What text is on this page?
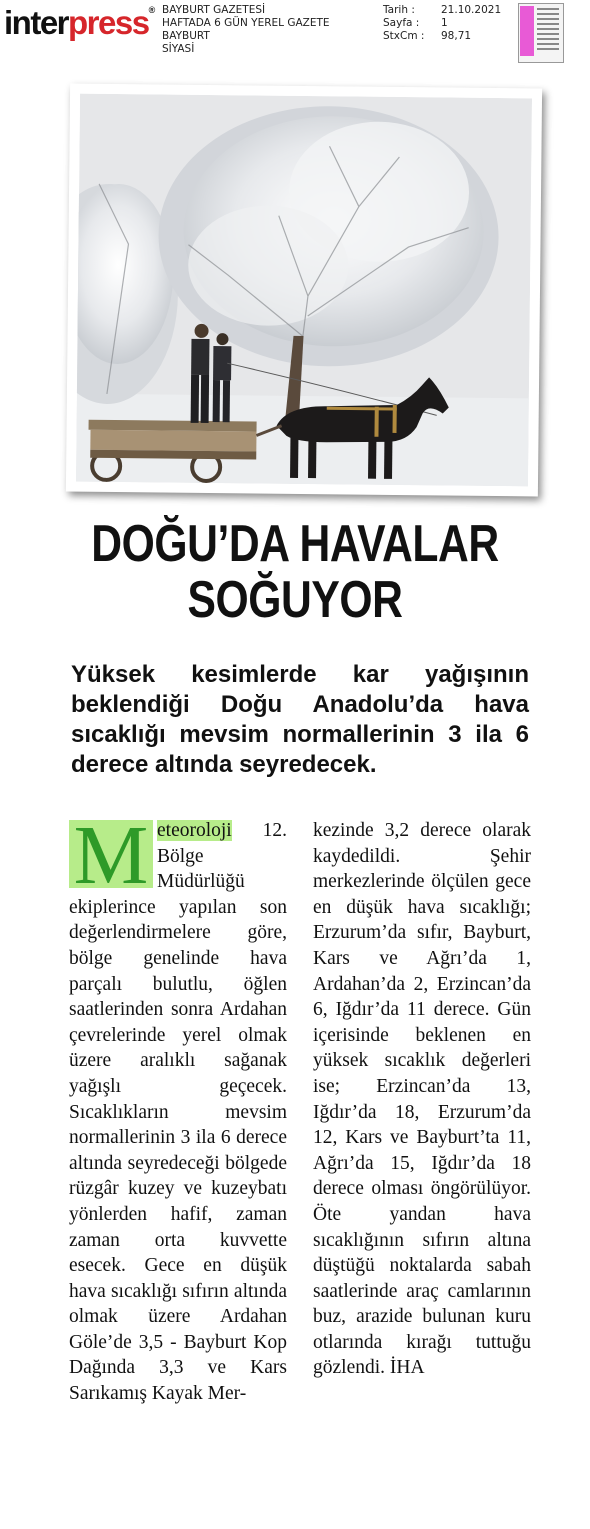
interpress® BAYBURT GAZETESİ
HAFTADA 6 GÜN YEREL GAZETE
BAYBURT
SİYASİ
Tarih :	21.10.2021
Sayfa :	1
StxCm :	98,71
DOĞU’DA HAVALAR
SOĞUYOR
Yüksek kesimlerde kar yağışının beklendiği Doğu Anadolu’da hava sıcaklığı mevsim normallerinin 3 ila 6 derece altında seyredecek.
M eteoroloji 12. Bölge Müdürlüğü ekiplerince yapılan son değerlendirmelere göre, bölge genelinde hava parçalı bulutlu, öğlen saatlerinden sonra Ardahan çevrelerinde yerel olmak üzere aralıklı sağanak yağışlı geçecek. Sıcaklıkların mevsim normallerinin 3 ila 6 derece altında seyredeceği bölgede rüzgâr kuzey ve kuzeybatı yönlerden hafif, zaman zaman orta kuvvette esecek. Gece en düşük hava sıcaklığı sıfırın altında olmak üzere Ardahan Göle’de 3,5 - Bayburt Kop Dağında 3,3 ve Kars Sarıkamış Kayak Mer-
kezinde 3,2 derece olarak kaydedildi. Şehir merkezlerinde ölçülen gece en düşük hava sıcaklığı; Erzurum’da sıfır, Bayburt, Kars ve Ağrı’da 1, Ardahan’da 2, Erzincan’da 6, Iğdır’da 11 derece. Gün içerisinde beklenen en yüksek sıcaklık değerleri ise; Erzincan’da 13, Iğdır’da 18, Erzurum’da 12, Kars ve Bayburt’ta 11, Ağrı’da 15, Iğdır’da 18 derece olması öngörülüyor. Öte yandan hava sıcaklığının sıfırın altına düştüğü noktalarda sabah saatlerinde araç camlarının buz, arazide bulunan kuru otlarında kırağı tuttuğu gözlendi. İHA
